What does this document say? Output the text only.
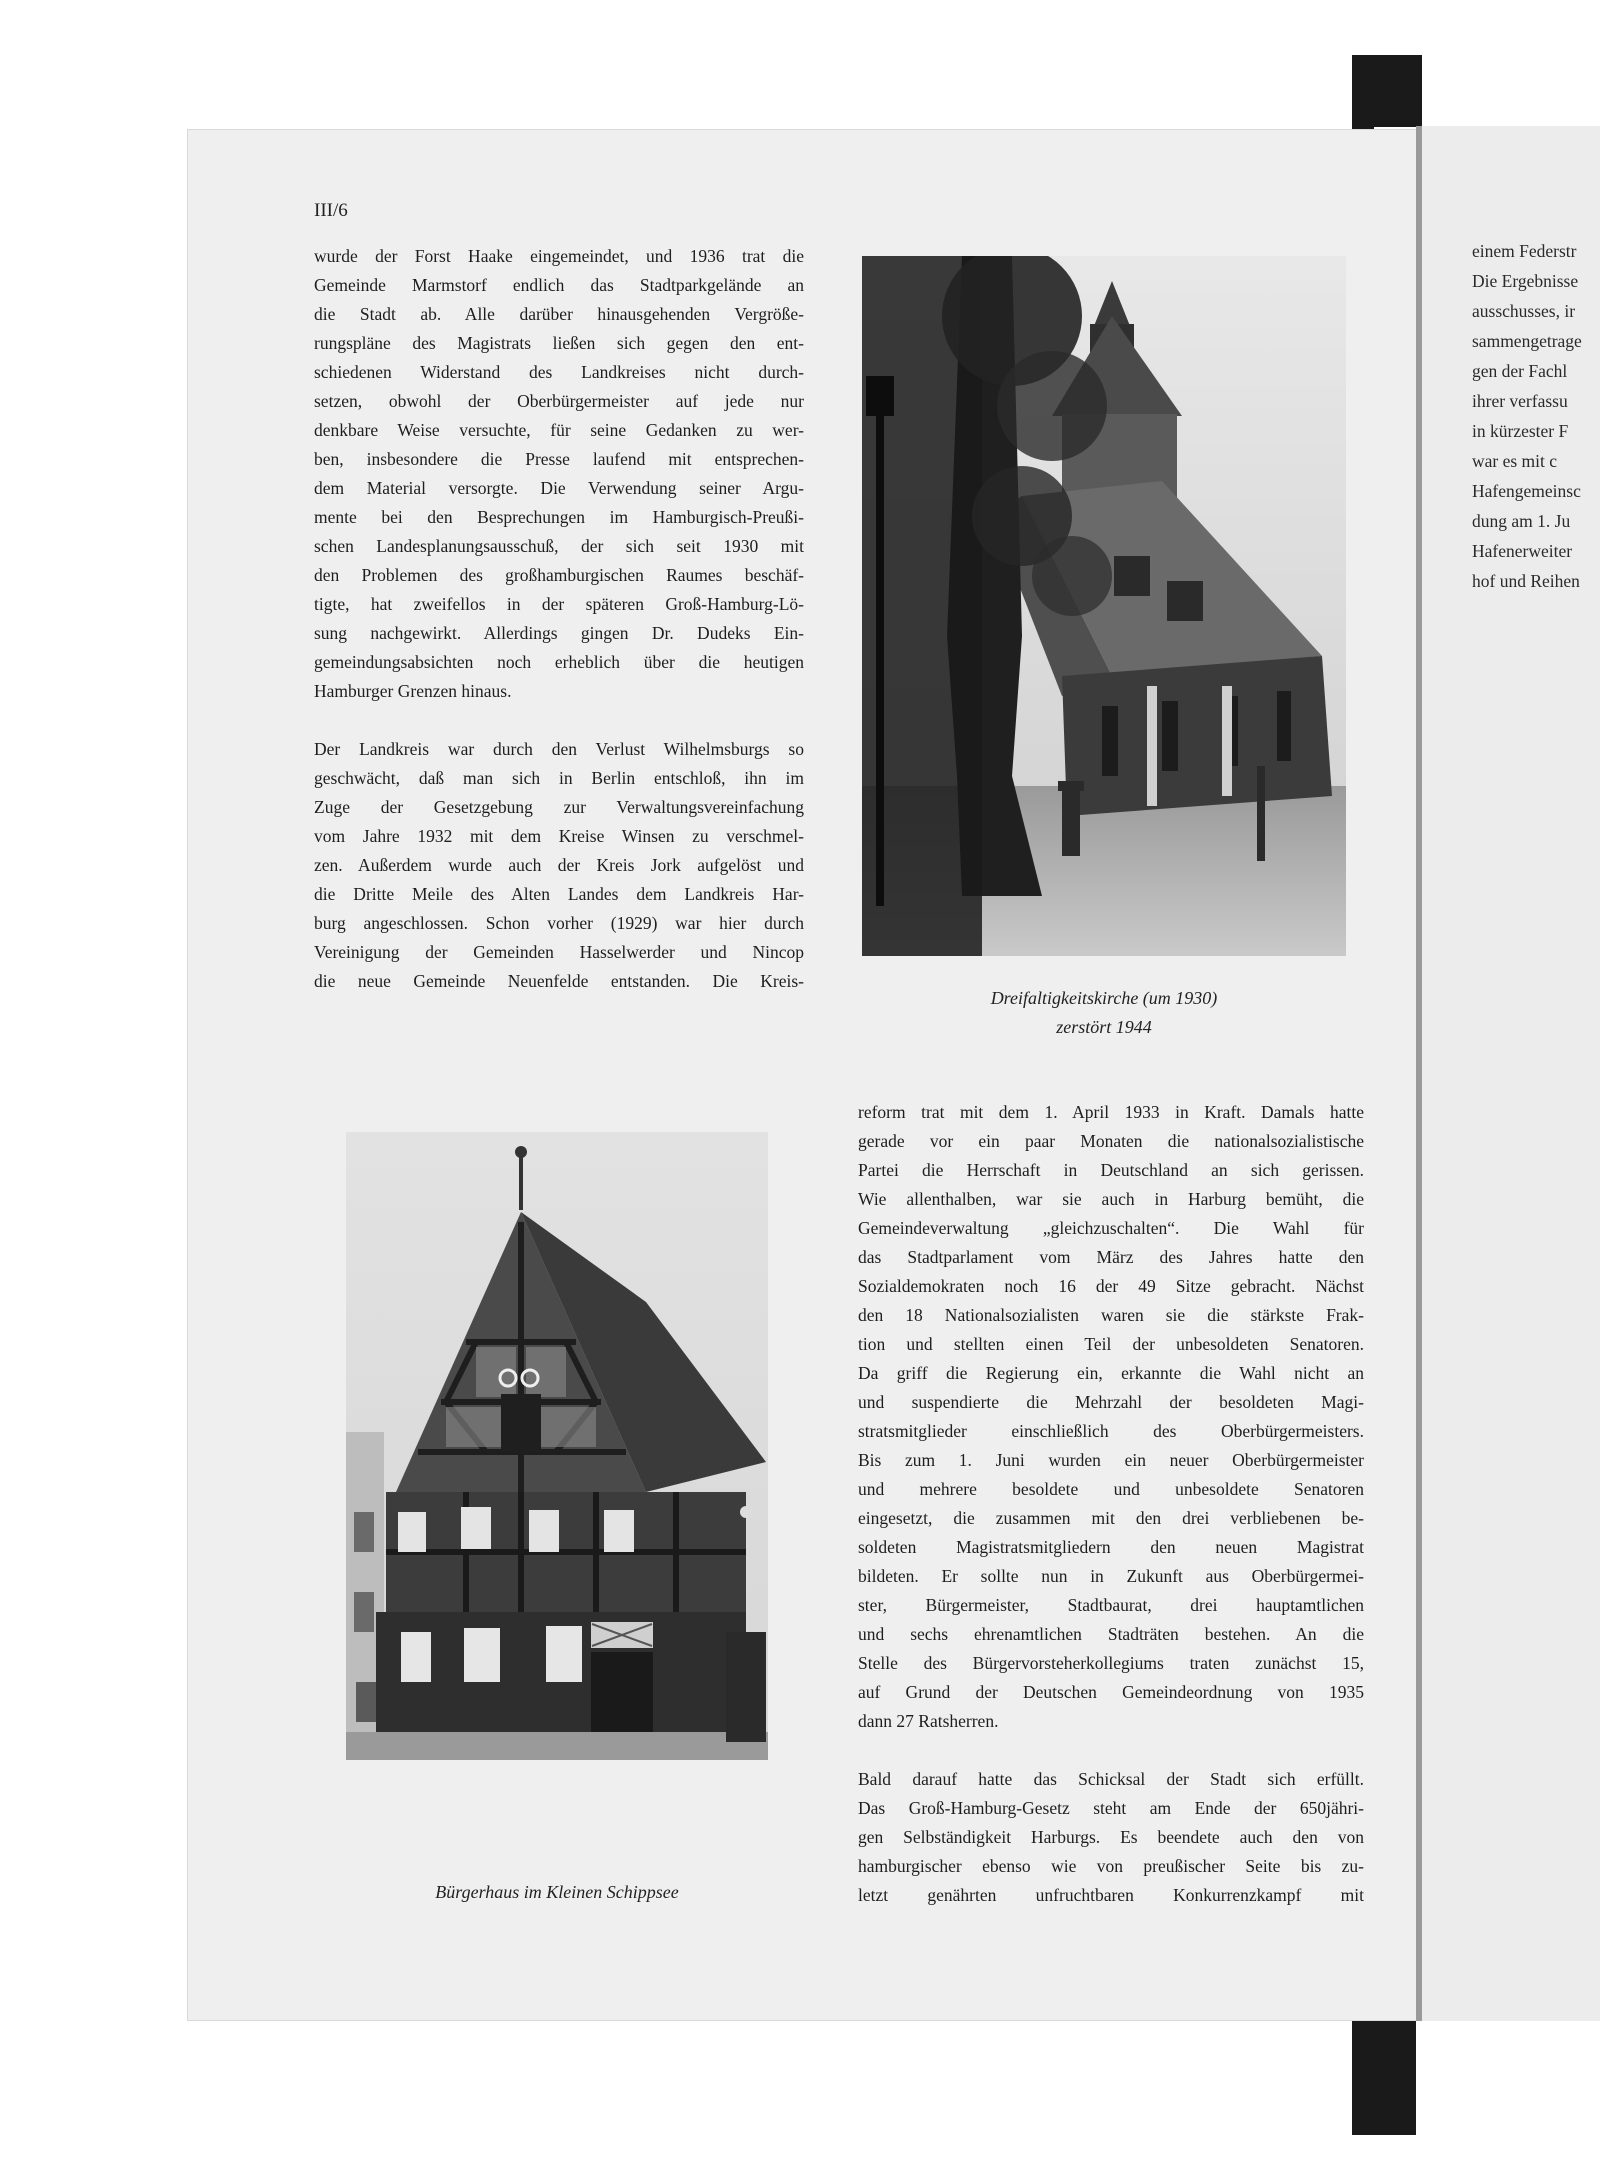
III/6

wurde der Forst Haake eingemeindet, und 1936 trat die

Gemeinde Marmstorf endlich das Stadtparkgelände an

die Stadt ab. Alle darüber hinausgehenden Vergröße-

rungspläne des Magistrats ließen sich gegen den ent-

schiedenen Widerstand des Landkreises nicht durch-

setzen, obwohl der Oberbürgermeister auf jede nur

denkbare Weise versuchte, für seine Gedanken zu wer-

ben, insbesondere die Presse laufend mit entsprechen-

dem Material versorgte. Die Verwendung seiner Argu-

mente bei den Besprechungen im Hamburgisch-Preußi-

schen Landesplanungsausschuß, der sich seit 1930 mit

den Problemen des großhamburgischen Raumes beschäf-

tigte, hat zweifellos in der späteren Groß-Hamburg-Lö-

sung nachgewirkt. Allerdings gingen Dr. Dudeks Ein-

gemeindungsabsichten noch erheblich über die heutigen

Hamburger Grenzen hinaus.

Der Landkreis war durch den Verlust Wilhelmsburgs so

geschwächt, daß man sich in Berlin entschloß, ihn im

Zuge der Gesetzgebung zur Verwaltungsvereinfachung

vom Jahre 1932 mit dem Kreise Winsen zu verschmel-

zen. Außerdem wurde auch der Kreis Jork aufgelöst und

die Dritte Meile des Alten Landes dem Landkreis Har-

burg angeschlossen. Schon vorher (1929) war hier durch

Vereinigung der Gemeinden Hasselwerder und Nincop

die neue Gemeinde Neuenfelde entstanden. Die Kreis-

Dreifaltigkeitskirche (um 1930)
zerstört 1944
Bürgerhaus im Kleinen Schippsee

reform trat mit dem 1. April 1933 in Kraft. Damals hatte

gerade vor ein paar Monaten die nationalsozialistische

Partei die Herrschaft in Deutschland an sich gerissen.

Wie allenthalben, war sie auch in Harburg bemüht, die

Gemeindeverwaltung „gleichzuschalten“. Die Wahl für

das Stadtparlament vom März des Jahres hatte den

Sozialdemokraten noch 16 der 49 Sitze gebracht. Nächst

den 18 Nationalsozialisten waren sie die stärkste Frak-

tion und stellten einen Teil der unbesoldeten Senatoren.

Da griff die Regierung ein, erkannte die Wahl nicht an

und suspendierte die Mehrzahl der besoldeten Magi-

stratsmitglieder einschließlich des Oberbürgermeisters.

Bis zum 1. Juni wurden ein neuer Oberbürgermeister

und mehrere besoldete und unbesoldete Senatoren

eingesetzt, die zusammen mit den drei verbliebenen be-

soldeten Magistratsmitgliedern den neuen Magistrat

bildeten. Er sollte nun in Zukunft aus Oberbürgermei-

ster, Bürgermeister, Stadtbaurat, drei hauptamtlichen

und sechs ehrenamtlichen Stadträten bestehen. An die

Stelle des Bürgervorsteherkollegiums traten zunächst 15,

auf Grund der Deutschen Gemeindeordnung von 1935

dann 27 Ratsherren.

Bald darauf hatte das Schicksal der Stadt sich erfüllt.

Das Groß-Hamburg-Gesetz steht am Ende der 650jähri-

gen Selbständigkeit Harburgs. Es beendete auch den von

hamburgischer ebenso wie von preußischer Seite bis zu-

letzt genährten unfruchtbaren Konkurrenzkampf mit

einem Federstr
Die Ergebnisse
ausschusses, ir
sammengetrage
gen der Fachl
ihrer verfassu
in kürzester F
war es mit c
Hafengemeinsc
dung am 1. Ju
Hafenerweiter
hof und Reihen
